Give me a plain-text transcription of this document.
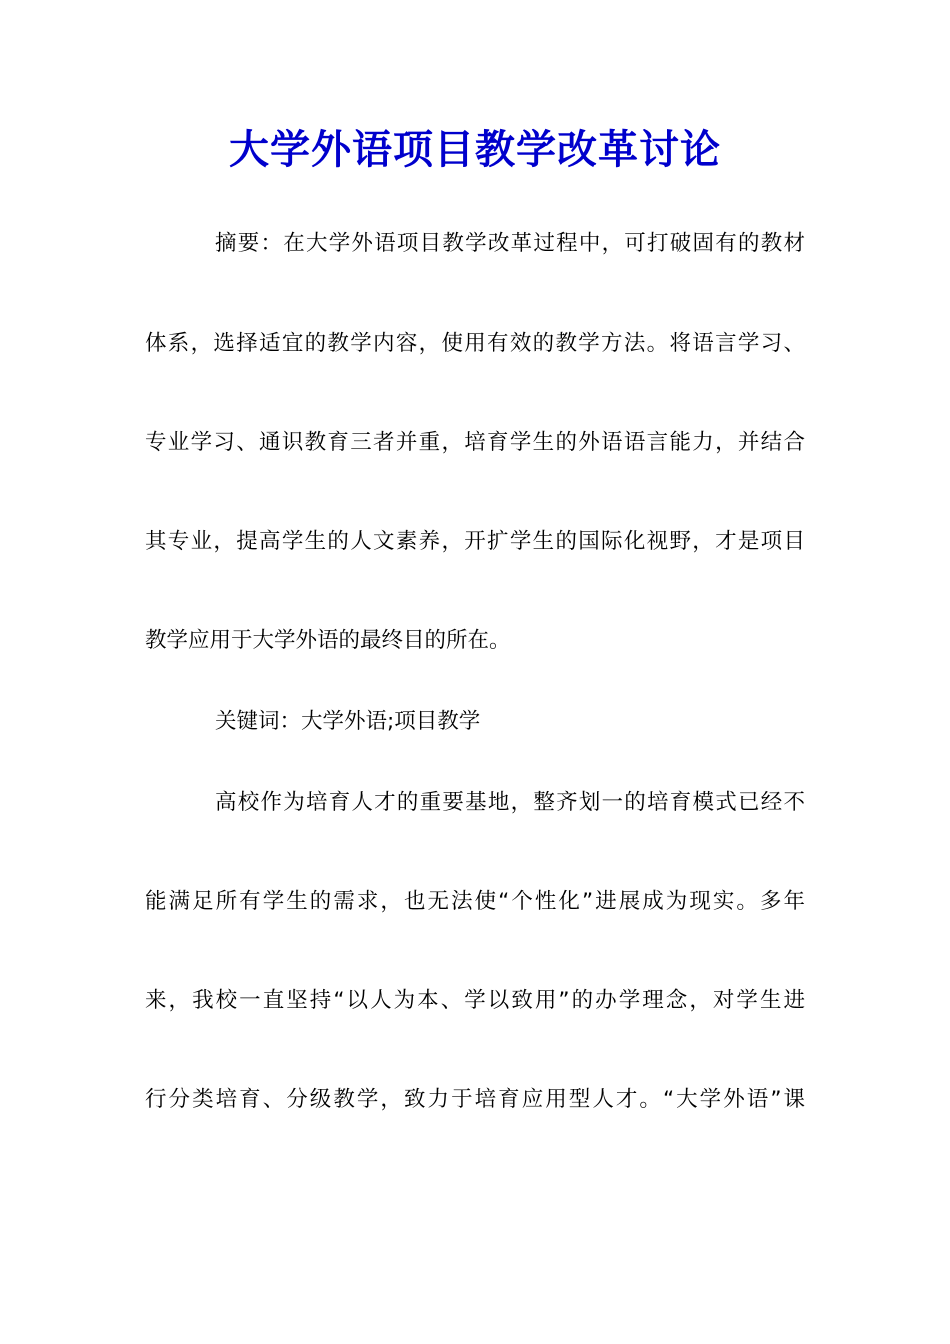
大学外语项目教学改革讨论

摘要：在大学外语项目教学改革过程中，可打破固有的教材

体系，选择适宜的教学内容，使用有效的教学方法。将语言学习、

专业学习、通识教育三者并重，培育学生的外语语言能力，并结合

其专业，提高学生的人文素养，开扩学生的国际化视野，才是项目

教学应用于大学外语的最终目的所在。

关键词：大学外语;项目教学

高校作为培育人才的重要基地，整齐划一的培育模式已经不

能满足所有学生的需求，也无法使“个性化”进展成为现实。多年

来，我校一直坚持“以人为本、学以致用”的办学理念，对学生进

行分类培育、分级教学，致力于培育应用型人才。“大学外语”课
